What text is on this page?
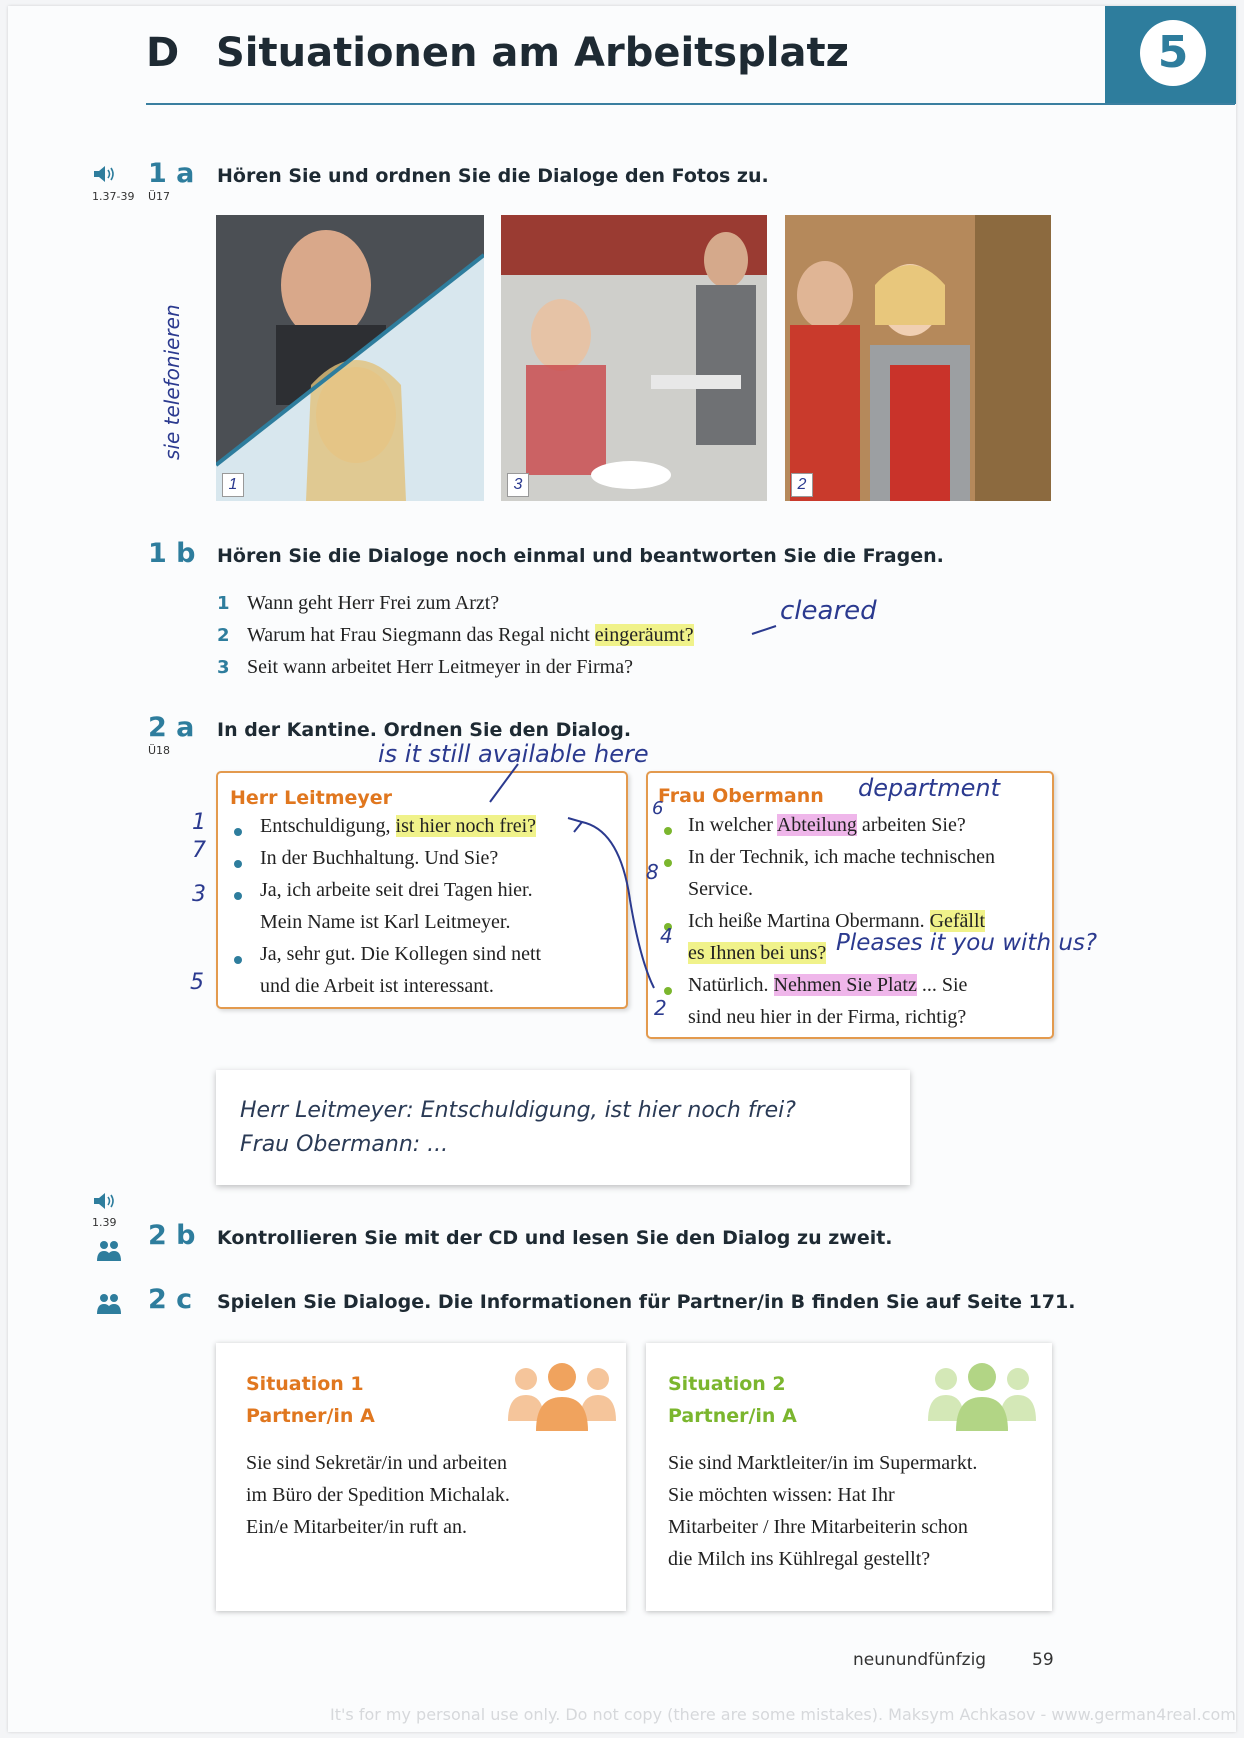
5
D Situationen am Arbeitsplatz
1.37-39 Ü17
1 a Hören Sie und ordnen Sie die Dialoge den Fotos zu.
sie telefonieren
1	3	2
1 b Hören Sie die Dialoge noch einmal und beantworten Sie die Fragen.
1 Wann geht Herr Frei zum Arzt?
2 Warum hat Frau Siegmann das Regal nicht eingeräumt?
3 Seit wann arbeitet Herr Leitmeyer in der Firma?
cleared
2 a
Ü18
In der Kantine. Ordnen Sie den Dialog.
is it still available here
Herr Leitmeyer
Entschuldigung, ist hier noch frei?
In der Buchhaltung. Und Sie?
Ja, ich arbeite seit drei Tagen hier.
Mein Name ist Karl Leitmeyer.
Ja, sehr gut. Die Kollegen sind nett
und die Arbeit ist interessant.
1
7
3
5
Frau Obermann
In welcher Abteilung arbeiten Sie?
In der Technik, ich mache technischen
Service.
Ich heiße Martina Obermann. Gefällt
es Ihnen bei uns?
Natürlich. Nehmen Sie Platz ... Sie
sind neu hier in der Firma, richtig?
department
Pleases it you with us?
6
8
4
2
Herr Leitmeyer: Entschuldigung, ist hier noch frei?
Frau Obermann: ...
1.39 2 b Kontrollieren Sie mit der CD und lesen Sie den Dialog zu zweit.
2 c Spielen Sie Dialoge. Die Informationen für Partner/in B finden Sie auf Seite 171.
Situation 1
Partner/in A
Sie sind Sekretär/in und arbeiten
im Büro der Spedition Michalak.
Ein/e Mitarbeiter/in ruft an.
Situation 2
Partner/in A
Sie sind Marktleiter/in im Supermarkt.
Sie möchten wissen: Hat Ihr
Mitarbeiter / Ihre Mitarbeiterin schon
die Milch ins Kühlregal gestellt?
neunundfünfzig	59
It's for my personal use only. Do not copy (there are some mistakes). Maksym Achkasov - www.german4real.com
